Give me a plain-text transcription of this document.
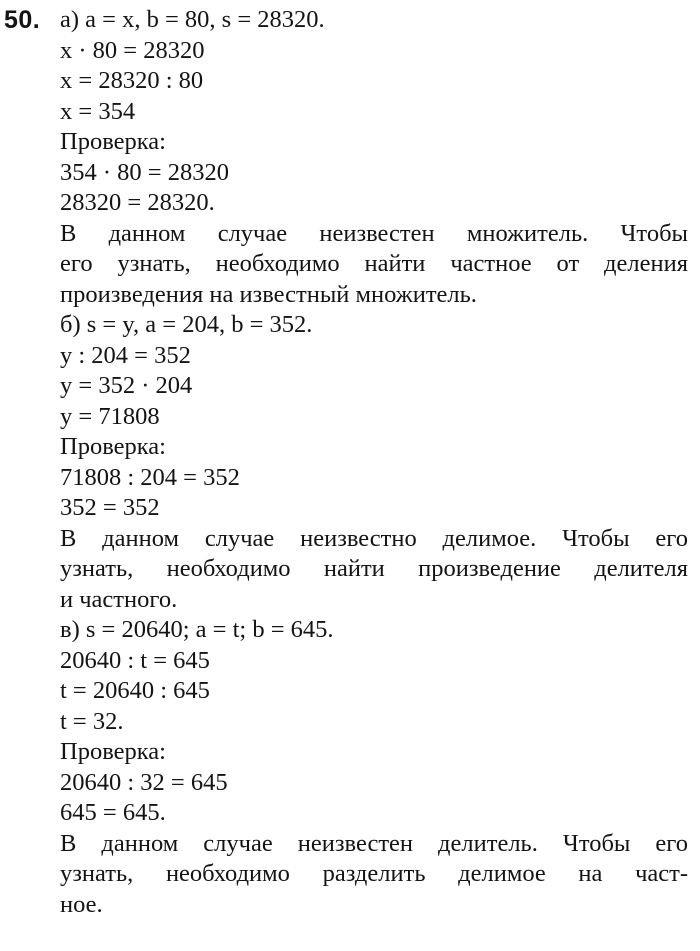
50. а) a = x, b = 80, s = 28320.
x · 80 = 28320
x = 28320 : 80
x = 354
Проверка:
354 · 80 = 28320
28320 = 28320.
В данном случае неизвестен множитель. Чтобы
его узнать, необходимо найти частное от деления
произведения на известный множитель.
б) s = y, a = 204, b = 352.
y : 204 = 352
y = 352 · 204
y = 71808
Проверка:
71808 : 204 = 352
352 = 352
В данном случае неизвестно делимое. Чтобы его
узнать, необходимо найти произведение делителя
и частного.
в) s = 20640; a = t; b = 645.
20640 : t = 645
t = 20640 : 645
t = 32.
Проверка:
20640 : 32 = 645
645 = 645.
В данном случае неизвестен делитель. Чтобы его
узнать, необходимо разделить делимое на част-
ное.
